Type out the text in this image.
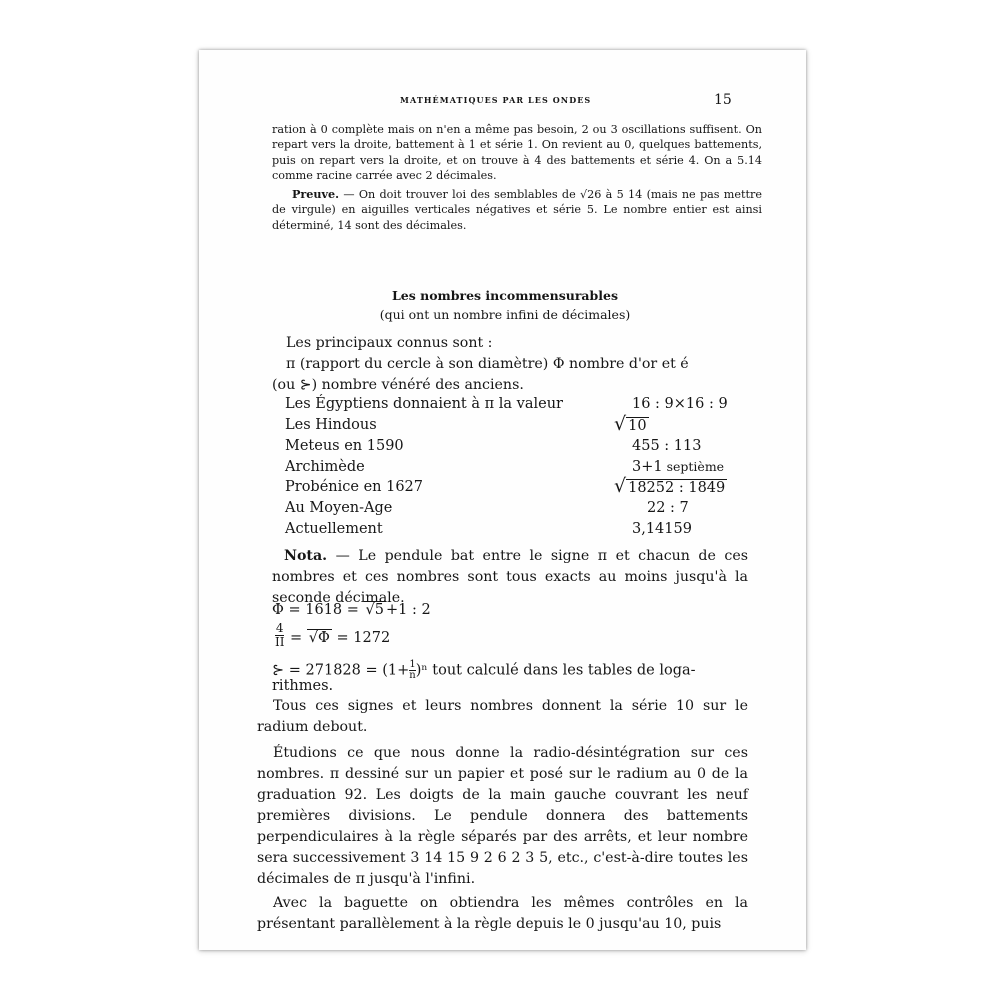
MATHÉMATIQUES PAR LES ONDES	15

ration à 0 complète mais on n'en a même pas besoin, 2 ou 3 oscillations suffisent. On repart vers la droite, battement à 1 et série 1. On revient au 0, quelques battements, puis on repart vers la droite, et on trouve à 4 des battements et série 4. On a 5.14 comme racine carrée avec 2 décimales.

Preuve. — On doit trouver loi des semblables de √26 à 5 14 (mais ne pas mettre de virgule) en aiguilles verticales négatives et série 5. Le nombre entier est ainsi déterminé, 14 sont des décimales.

Les nombres incommensurables
(qui ont un nombre infini de décimales)
Les principaux connus sont :
π (rapport du cercle à son diamètre) Φ nombre d'or et é
(ou ⊱) nombre vénéré des anciens.
Les Égyptiens donnaient à π la valeur	16 : 9×16 : 9
Les Hindous	√ 10
Meteus en 1590	455 : 113
Archimède	3+1 septième
Probénice en 1627	√ 18252 : 1849
Au Moyen-Age	22 : 7
Actuellement	3,14159

Nota. — Le pendule bat entre le signe π et chacun de ces nombres et ces nombres sont tous exacts au moins jusqu'à la seconde décimale.

Φ = 1618 = √5 +1 : 2
$\frac{4}{II} = √\Phi = 1272$
⊱ = $271828 = (1+ \frac{1}{n} )^n$ tout calculé dans les tables de loga-
rithmes.

Tous ces signes et leurs nombres donnent la série 10 sur le radium debout.

Étudions ce que nous donne la radio-désintégration sur ces nombres. π dessiné sur un papier et posé sur le radium au 0 de la graduation 92. Les doigts de la main gauche couvrant les neuf premières divisions. Le pendule donnera des battements perpendiculaires à la règle séparés par des arrêts, et leur nombre sera successivement 3 14 15 9 2 6 2 3 5, etc., c'est-à-dire toutes les décimales de π jusqu'à l'infini.

Avec la baguette on obtiendra les mêmes contrôles en la présentant parallèlement à la règle depuis le 0 jusqu'au 10, puis
